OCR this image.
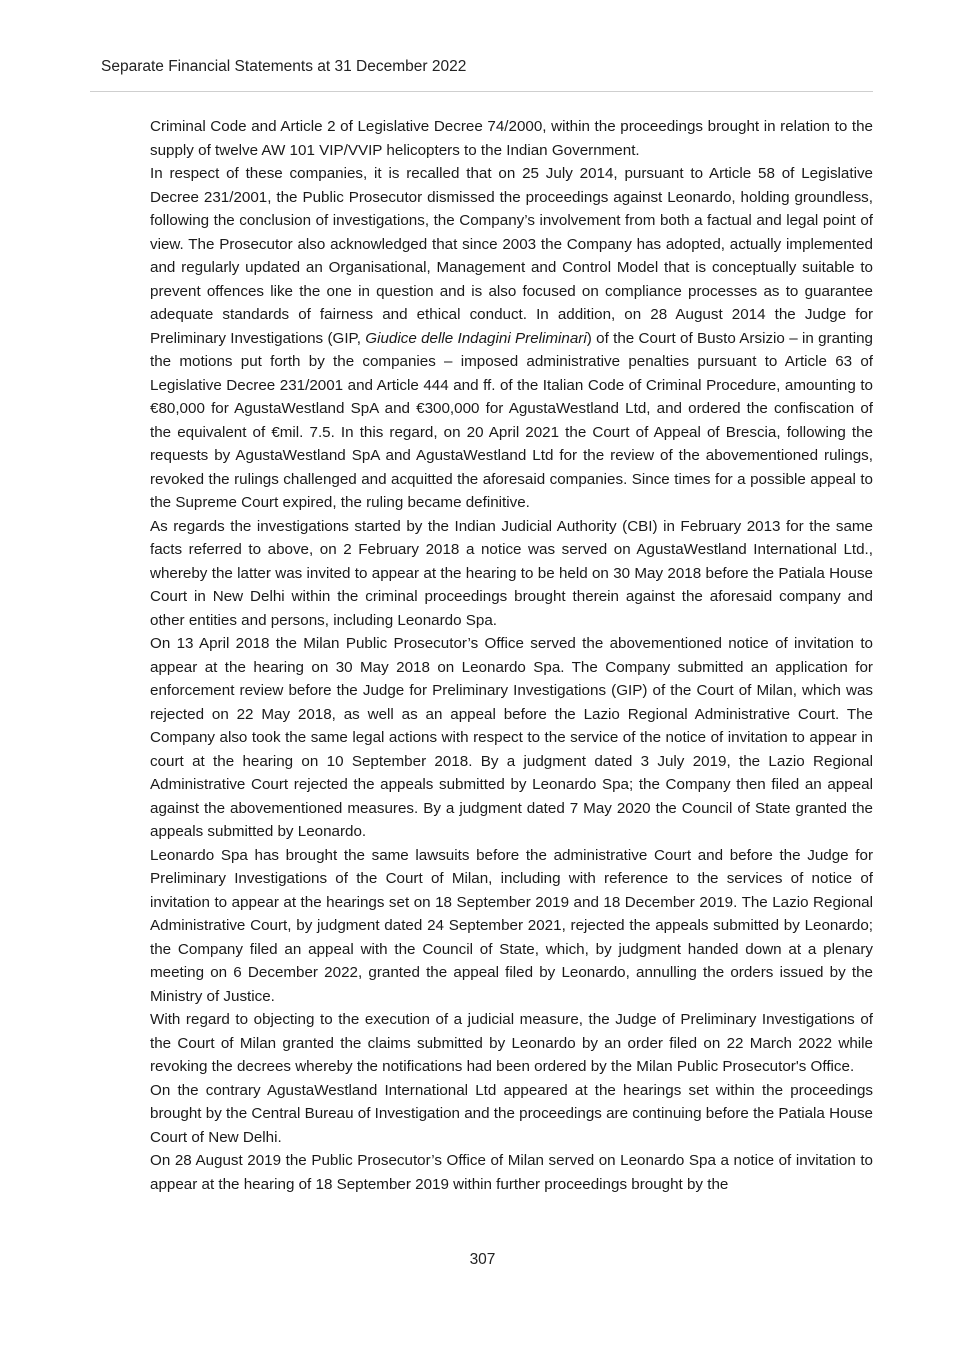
Separate Financial Statements at 31 December 2022

Criminal Code and Article 2 of Legislative Decree 74/2000, within the proceedings brought in relation to the supply of twelve AW 101 VIP/VVIP helicopters to the Indian Government.

In respect of these companies, it is recalled that on 25 July 2014, pursuant to Article 58 of Legislative Decree 231/2001, the Public Prosecutor dismissed the proceedings against Leonardo, holding groundless, following the conclusion of investigations, the Company’s involvement from both a factual and legal point of view. The Prosecutor also acknowledged that since 2003 the Company has adopted, actually implemented and regularly updated an Organisational, Management and Control Model that is conceptually suitable to prevent offences like the one in question and is also focused on compliance processes as to guarantee adequate standards of fairness and ethical conduct. In addition, on 28 August 2014 the Judge for Preliminary Investigations (GIP, Giudice delle Indagini Preliminari) of the Court of Busto Arsizio – in granting the motions put forth by the companies – imposed administrative penalties pursuant to Article 63 of Legislative Decree 231/2001 and Article 444 and ff. of the Italian Code of Criminal Procedure, amounting to €80,000 for AgustaWestland SpA and €300,000 for AgustaWestland Ltd, and ordered the confiscation of the equivalent of €mil. 7.5. In this regard, on 20 April 2021 the Court of Appeal of Brescia, following the requests by AgustaWestland SpA and AgustaWestland Ltd for the review of the abovementioned rulings, revoked the rulings challenged and acquitted the aforesaid companies. Since times for a possible appeal to the Supreme Court expired, the ruling became definitive.

As regards the investigations started by the Indian Judicial Authority (CBI) in February 2013 for the same facts referred to above, on 2 February 2018 a notice was served on AgustaWestland International Ltd., whereby the latter was invited to appear at the hearing to be held on 30 May 2018 before the Patiala House Court in New Delhi within the criminal proceedings brought therein against the aforesaid company and other entities and persons, including Leonardo Spa.

On 13 April 2018 the Milan Public Prosecutor’s Office served the abovementioned notice of invitation to appear at the hearing on 30 May 2018 on Leonardo Spa. The Company submitted an application for enforcement review before the Judge for Preliminary Investigations (GIP) of the Court of Milan, which was rejected on 22 May 2018, as well as an appeal before the Lazio Regional Administrative Court. The Company also took the same legal actions with respect to the service of the notice of invitation to appear in court at the hearing on 10 September 2018. By a judgment dated 3 July 2019, the Lazio Regional Administrative Court rejected the appeals submitted by Leonardo Spa; the Company then filed an appeal against the abovementioned measures. By a judgment dated 7 May 2020 the Council of State granted the appeals submitted by Leonardo.

Leonardo Spa has brought the same lawsuits before the administrative Court and before the Judge for Preliminary Investigations of the Court of Milan, including with reference to the services of notice of invitation to appear at the hearings set on 18 September 2019 and 18 December 2019. The Lazio Regional Administrative Court, by judgment dated 24 September 2021, rejected the appeals submitted by Leonardo; the Company filed an appeal with the Council of State, which, by judgment handed down at a plenary meeting on 6 December 2022, granted the appeal filed by Leonardo, annulling the orders issued by the Ministry of Justice.

With regard to objecting to the execution of a judicial measure, the Judge of Preliminary Investigations of the Court of Milan granted the claims submitted by Leonardo by an order filed on 22 March 2022 while revoking the decrees whereby the notifications had been ordered by the Milan Public Prosecutor's Office.

On the contrary AgustaWestland International Ltd appeared at the hearings set within the proceedings brought by the Central Bureau of Investigation and the proceedings are continuing before the Patiala House Court of New Delhi.

On 28 August 2019 the Public Prosecutor’s Office of Milan served on Leonardo Spa a notice of invitation to appear at the hearing of 18 September 2019 within further proceedings brought by the

307
